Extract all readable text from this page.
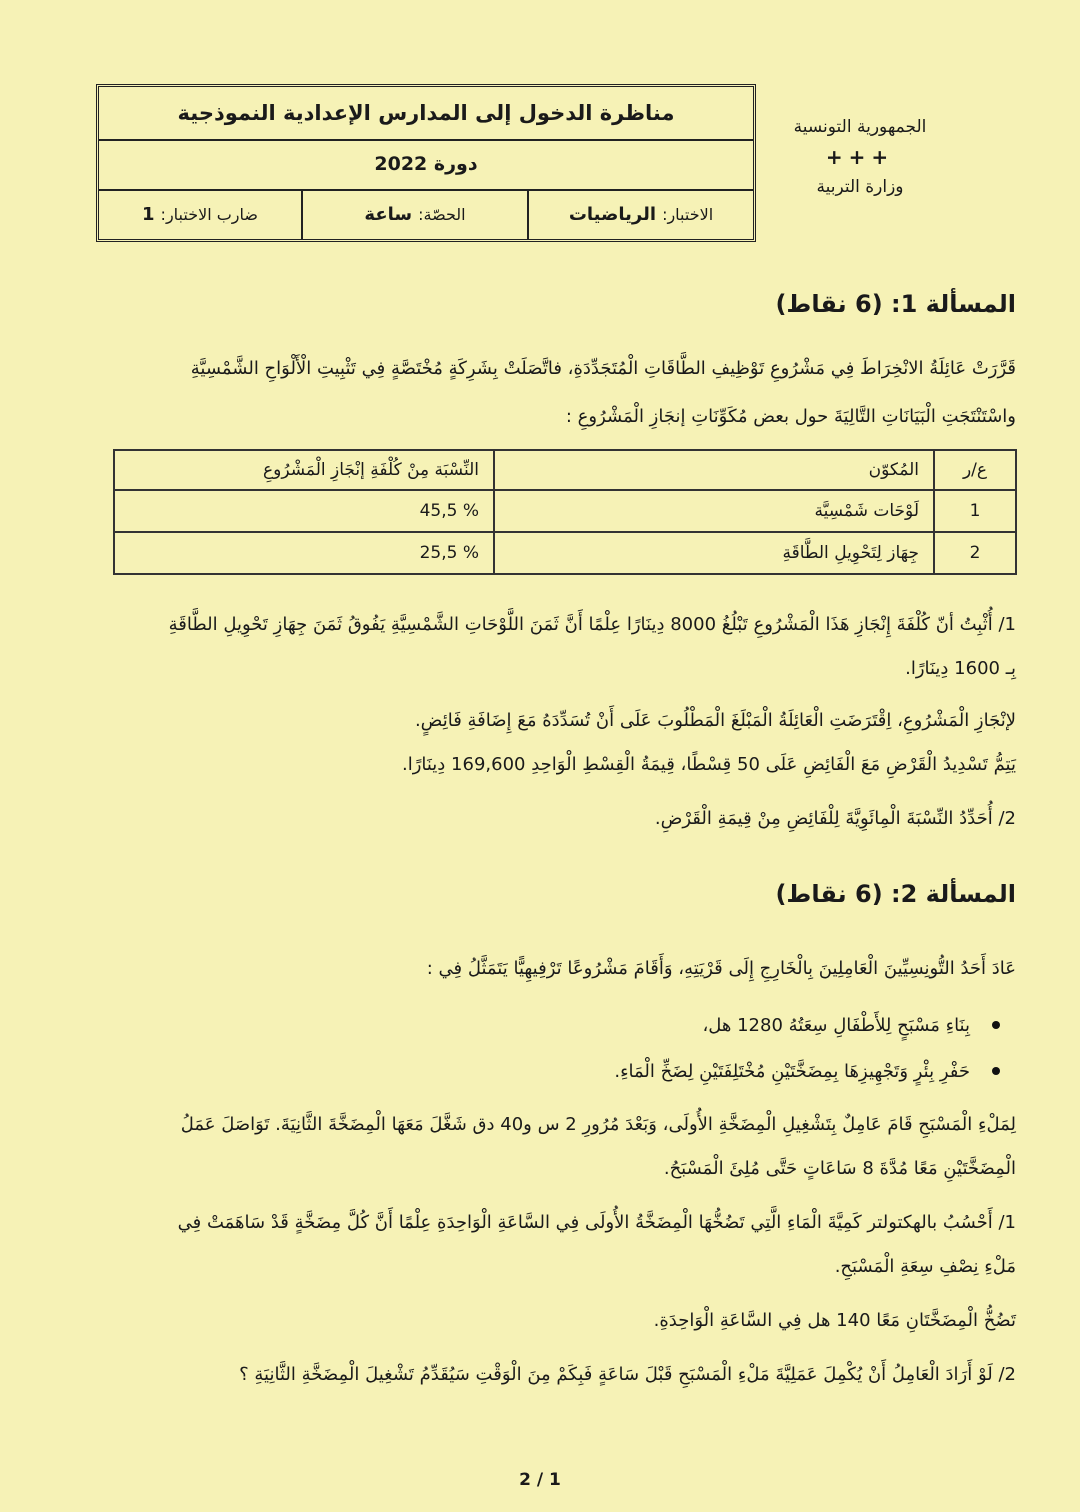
الجمهورية التونسية
+++
وزارة التربية
مناظرة الدخول إلى المدارس الإعدادية النموذجية
دورة 2022
الاختبار:
الرياضيات
الحصّة:
ساعة
ضارب الاختبار:
1
المسألة 1: (6 نقاط)
قَرَّرَتْ عَائِلَةُ الانْخِرَاطَ فِي مَشْرُوعِ تَوْظِيفِ الطَّاقَاتِ الْمُتَجَدِّدَةِ، فاتَّصَلَتْ بِشَرِكَةٍ مُخْتَصَّةٍ فِي تَثْبِيتِ الْأَلْوَاحِ الشَّمْسِيَّةِ
واسْتَنْتَجَتِ الْبَيَانَاتِ التَّالِيَةَ حول بعض مُكَوِّنَاتِ إنجَازِ الْمَشْرُوعِ :
ع/ر	المُكوّن	النِّسْبَة مِنْ كُلْفَةِ إنْجَازِ الْمَشْرُوعِ
1	لَوْحَات شَمْسِيَّة	% 45,5
2	جِهَاز لِتَحْوِيلِ الطَّاقَةِ	% 25,5
1/ أُثْبِتُ أنّ كُلْفَةَ إِنْجَازِ هَذَا الْمَشْرُوعِ تَبْلُغُ 8000 دِينَارًا عِلْمًا أَنَّ ثَمَنَ اللَّوْحَاتِ الشَّمْسِيَّةِ يَفُوقُ ثَمَنَ جِهَازِ تَحْوِيلِ الطَّاقَةِ
بِـ 1600 دِينَارًا.
لإنْجَازِ الْمَشْرُوعِ، اِقْتَرَضَتِ الْعَائِلَةُ الْمَبْلَغَ الْمَطْلُوبَ عَلَى أَنْ تُسَدِّدَهُ مَعَ إِضَافَةِ فَائِضٍ.
يَتِمُّ تَسْدِيدُ الْقَرْضِ مَعَ الْفَائِضِ عَلَى 50 قِسْطًا، قِيمَةُ الْقِسْطِ الْوَاحِدِ 169,600 دِينَارًا.
2/ أُحَدِّدُ النِّسْبَةَ الْمِائَوِيَّةَ لِلْفَائِضِ مِنْ قِيمَةِ الْقَرْضِ.
المسألة 2: (6 نقاط)
عَادَ أَحَدُ التُّونِسِيِّينَ الْعَامِلِينَ بِالْخَارِجِ إِلَى قَرْيَتِهِ، وَأَقَامَ مَشْرُوعًا تَرْفِيهِيًّا يَتَمَثَّلُ فِي :
بِنَاءِ مَسْبَحٍ لِلأَطْفَالِ سِعَتُهُ 1280 هل،
حَفْرِ بِئْرٍ وَتَجْهِيزِهَا بِمِضَخَّتَيْنِ مُخْتَلِفَتَيْنِ لِضَخِّ الْمَاءِ.
لِمَلْءِ الْمَسْبَحِ قَامَ عَامِلٌ بِتَشْغِيلِ الْمِضَخَّةِ الأُولَى، وَبَعْدَ مُرُورِ 2 س و40 دق شَغَّلَ مَعَهَا الْمِضَخَّةَ الثَّانِيَةَ. تَوَاصَلَ عَمَلُ
الْمِضَخَّتَيْنِ مَعًا مُدَّةَ 8 سَاعَاتٍ حَتَّى مُلِئَ الْمَسْبَحُ.
1/ أَحْسُبُ بالهكتولتر كَمِيَّةَ الْمَاءِ الَّتِي تَضُخُّهَا الْمِضَخَّةُ الأُولَى فِي السَّاعَةِ الْوَاحِدَةِ عِلْمًا أَنَّ كُلَّ مِضَخَّةٍ قَدْ سَاهَمَتْ فِي
مَلْءِ نِصْفِ سِعَةِ الْمَسْبَحِ.
تَضُخُّ الْمِضَخَّتَانِ مَعًا 140 هل فِي السَّاعَةِ الْوَاحِدَةِ.
2/ لَوْ أَرَادَ الْعَامِلُ أَنْ يُكْمِلَ عَمَلِيَّةَ مَلْءِ الْمَسْبَحِ قَبْلَ سَاعَةٍ فَبِكَمْ مِنَ الْوَقْتِ سَيُقَدِّمُ تَشْغِيلَ الْمِضَخَّةِ الثَّانِيَةِ ؟
2 / 1
